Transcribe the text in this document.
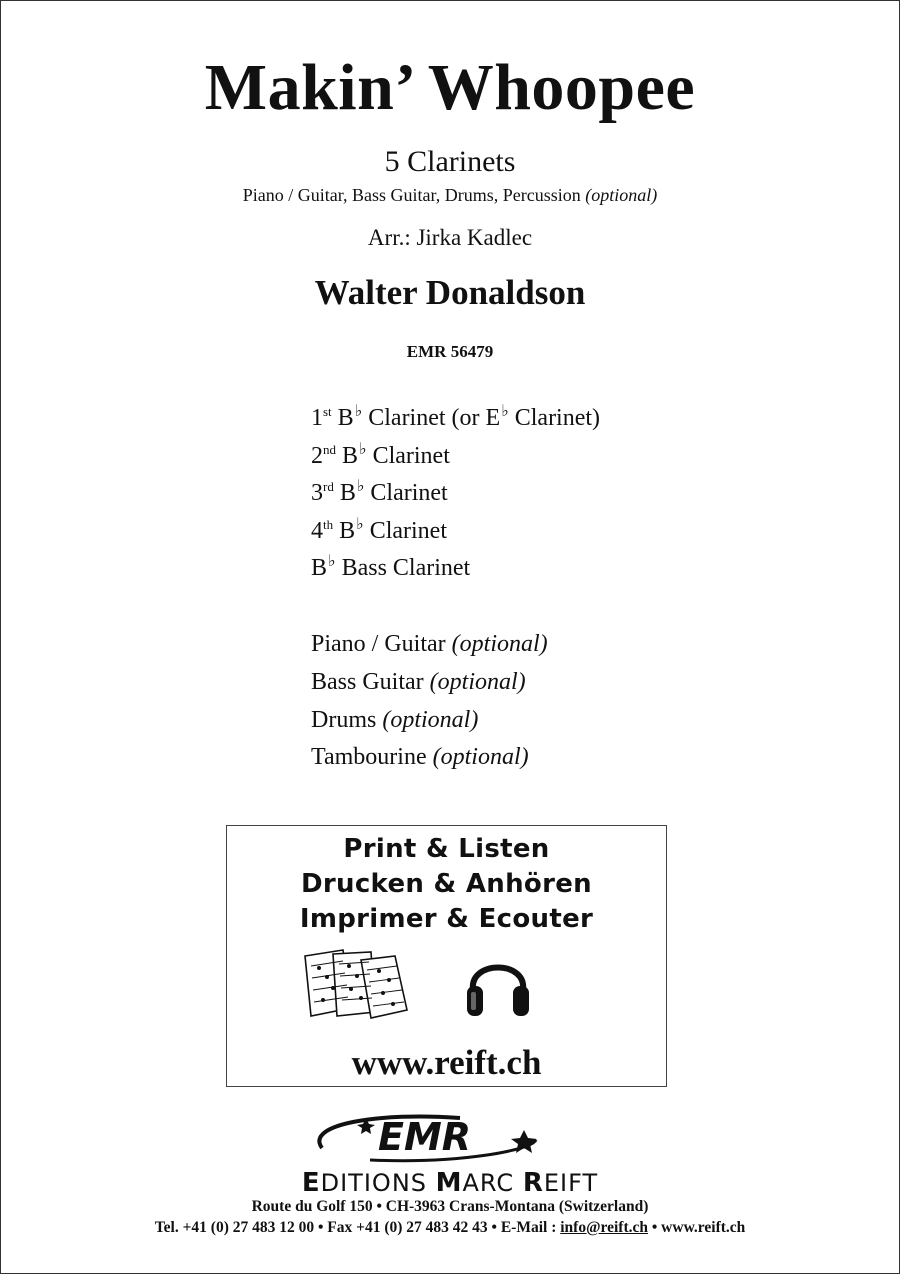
Makin’ Whoopee
5 Clarinets
Piano / Guitar, Bass Guitar, Drums, Percussion (optional)
Arr.: Jirka Kadlec
Walter Donaldson
EMR 56479
1st B♭ Clarinet (or E♭ Clarinet)
2nd B♭ Clarinet
3rd B♭ Clarinet
4th B♭ Clarinet
B♭ Bass Clarinet
Piano / Guitar (optional)
Bass Guitar (optional)
Drums (optional)
Tambourine (optional)
Print & Listen
Drucken & Anhören
Imprimer & Ecouter
www.reift.ch
EMR
EDITIONS MARC REIFT
Route du Golf 150 • CH-3963 Crans-Montana (Switzerland)
Tel. +41 (0) 27 483 12 00 • Fax +41 (0) 27 483 42 43 • E-Mail : info@reift.ch • www.reift.ch
